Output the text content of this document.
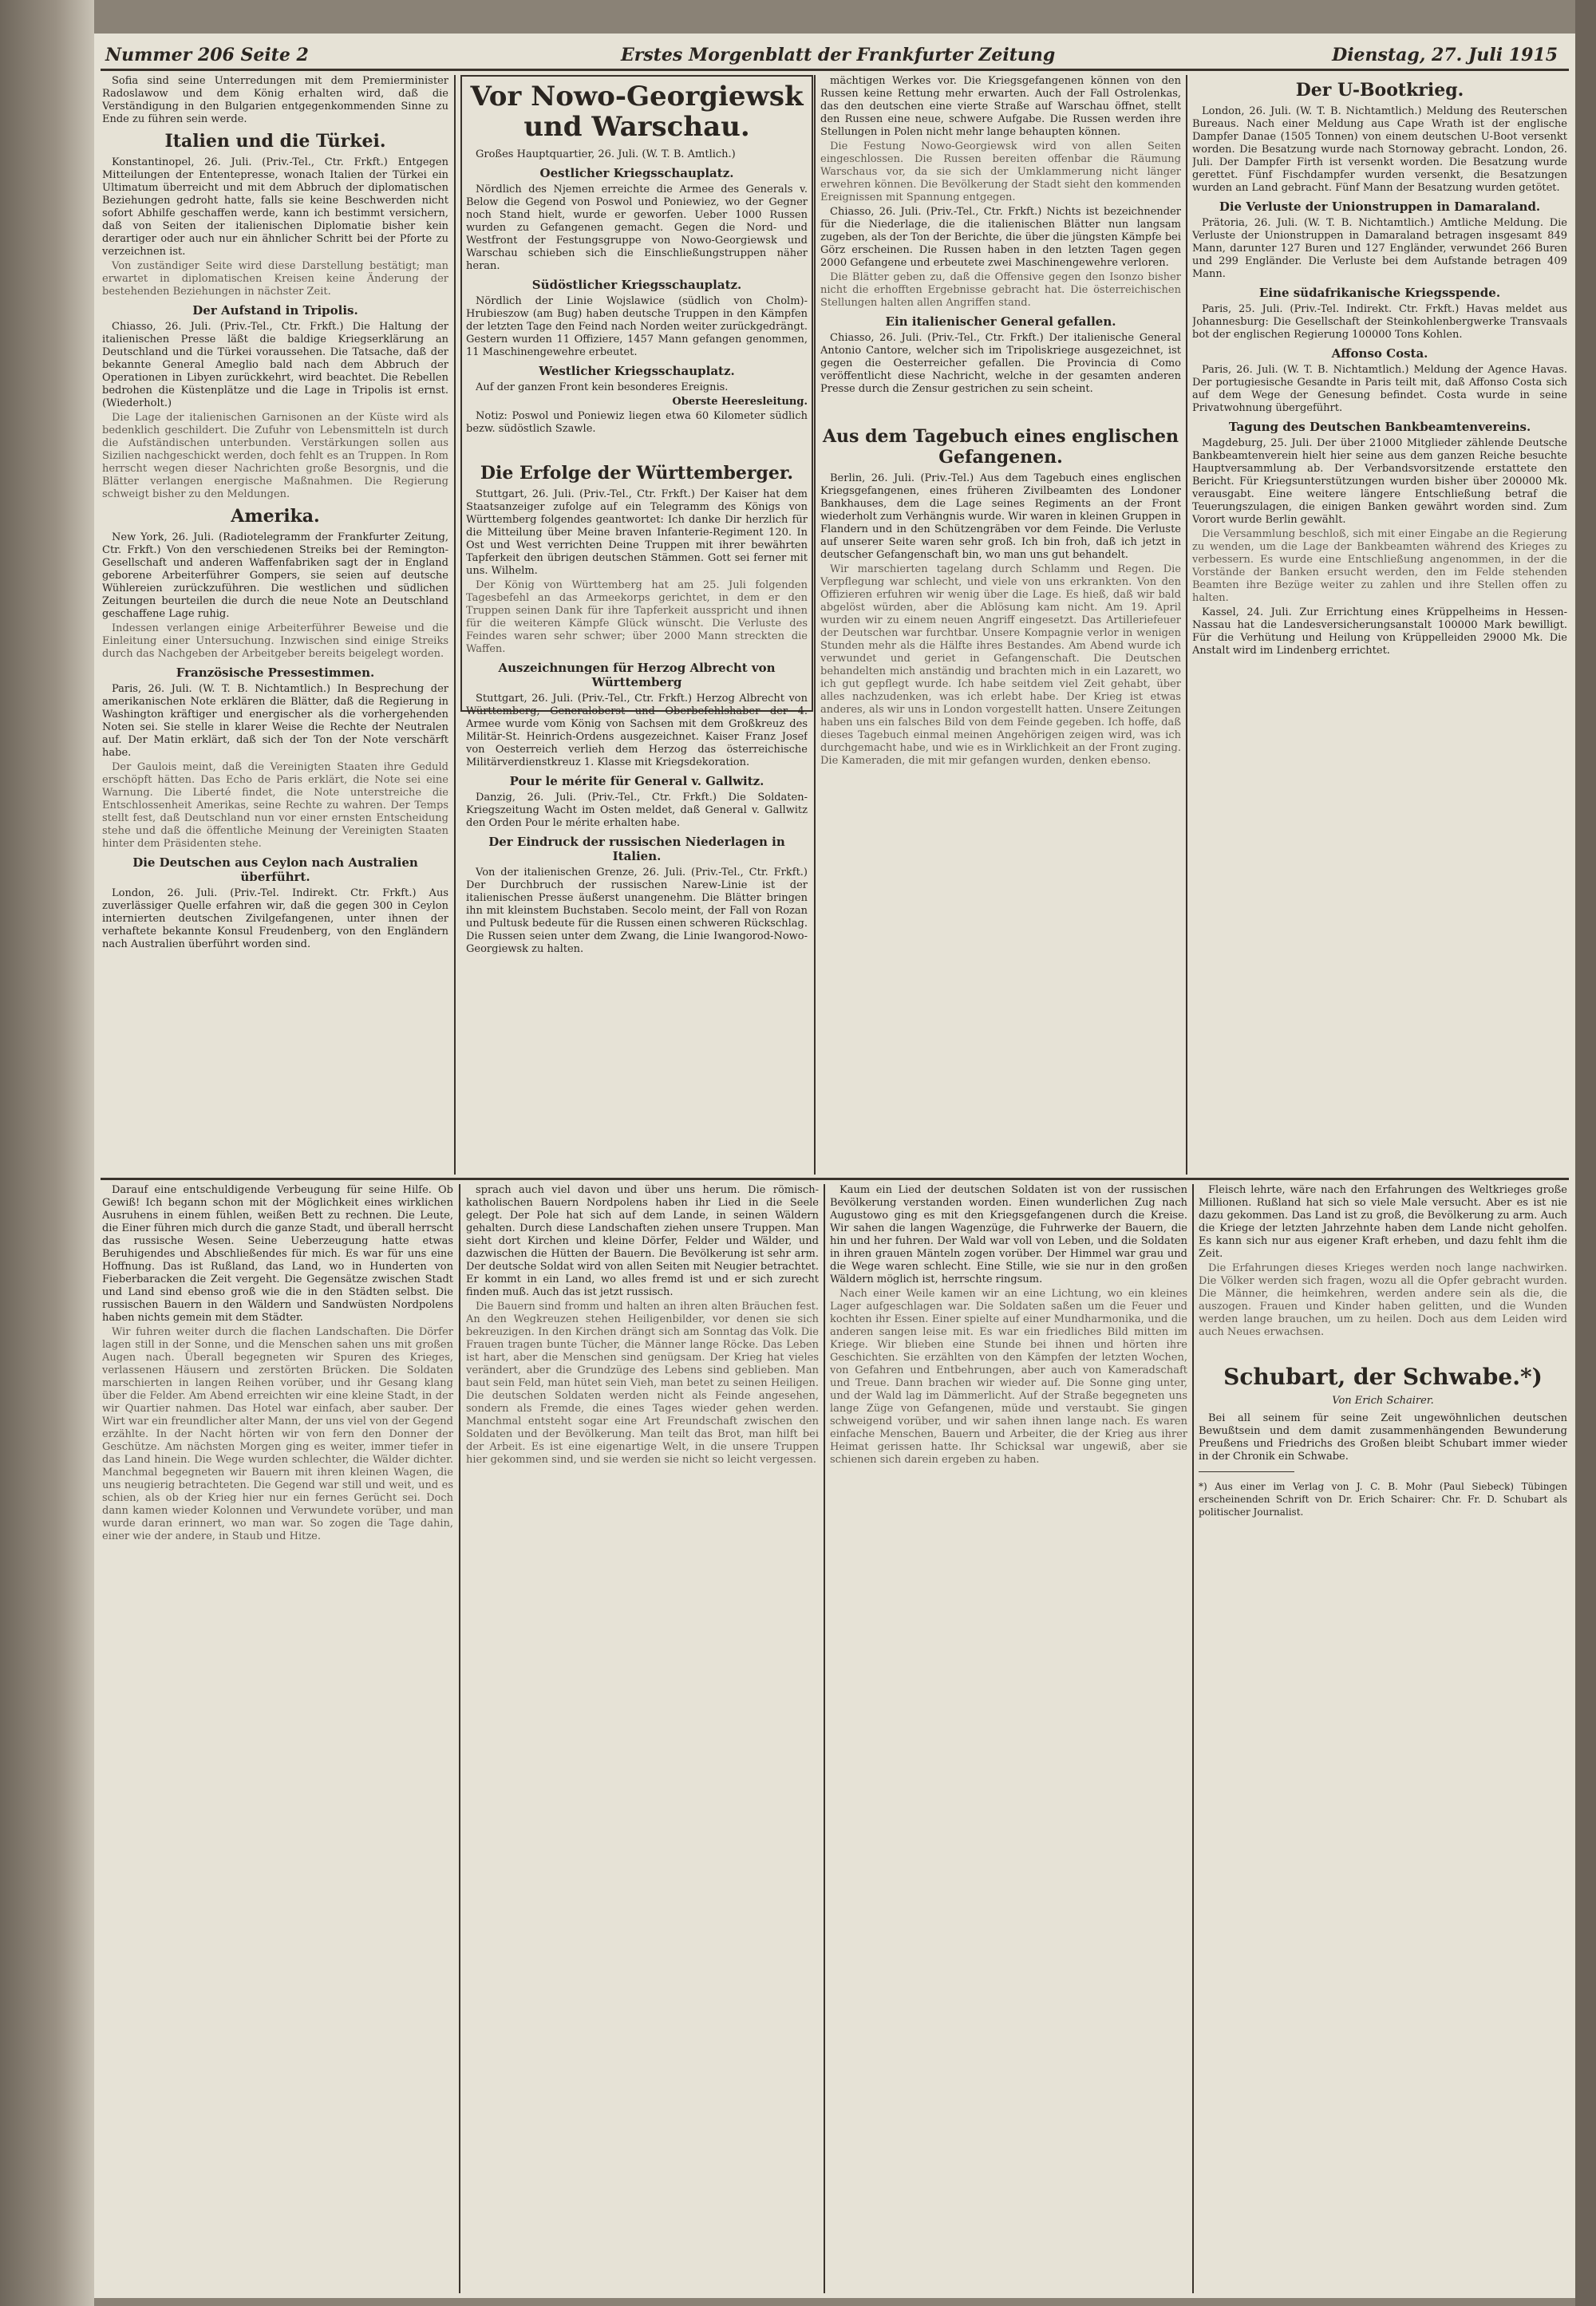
Nummer 206 Seite 2	Erstes Morgenblatt der Frankfurter Zeitung	Dienstag, 27. Juli 1915

Sofia sind seine Unterredungen mit dem Premierminister Radoslawow und dem König erhalten wird, daß die Verständigung in den Bulgarien entgegenkommenden Sinne zu Ende zu führen sein werde.

Italien und die Türkei.

Konstantinopel, 26. Juli. (Priv.-Tel., Ctr. Frkft.) Entgegen Mitteilungen der Ententepresse, wonach Italien der Türkei ein Ultimatum überreicht und mit dem Abbruch der diplomatischen Beziehungen gedroht hatte, falls sie keine Beschwerden nicht sofort Abhilfe geschaffen werde, kann ich bestimmt versichern, daß von Seiten der italienischen Diplomatie bisher kein derartiger oder auch nur ein ähnlicher Schritt bei der Pforte zu verzeichnen ist.

Von zuständiger Seite wird diese Darstellung bestätigt; man erwartet in diplomatischen Kreisen keine Änderung der bestehenden Beziehungen in nächster Zeit.

Der Aufstand in Tripolis.

Chiasso, 26. Juli. (Priv.-Tel., Ctr. Frkft.) Die Haltung der italienischen Presse läßt die baldige Kriegserklärung an Deutschland und die Türkei voraussehen. Die Tatsache, daß der bekannte General Ameglio bald nach dem Abbruch der Operationen in Libyen zurückkehrt, wird beachtet. Die Rebellen bedrohen die Küstenplätze und die Lage in Tripolis ist ernst. (Wiederholt.)

Die Lage der italienischen Garnisonen an der Küste wird als bedenklich geschildert. Die Zufuhr von Lebensmitteln ist durch die Aufständischen unterbunden. Verstärkungen sollen aus Sizilien nachgeschickt werden, doch fehlt es an Truppen. In Rom herrscht wegen dieser Nachrichten große Besorgnis, und die Blätter verlangen energische Maßnahmen. Die Regierung schweigt bisher zu den Meldungen.

Amerika.

New York, 26. Juli. (Radiotelegramm der Frankfurter Zeitung, Ctr. Frkft.) Von den verschiedenen Streiks bei der Remington-Gesellschaft und anderen Waffenfabriken sagt der in England geborene Arbeiterführer Gompers, sie seien auf deutsche Wühlereien zurückzuführen. Die westlichen und südlichen Zeitungen beurteilen die durch die neue Note an Deutschland geschaffene Lage ruhig.

Indessen verlangen einige Arbeiterführer Beweise und die Einleitung einer Untersuchung. Inzwischen sind einige Streiks durch das Nachgeben der Arbeitgeber bereits beigelegt worden.

Französische Pressestimmen.

Paris, 26. Juli. (W. T. B. Nichtamtlich.) In Besprechung der amerikanischen Note erklären die Blätter, daß die Regierung in Washington kräftiger und energischer als die vorhergehenden Noten sei. Sie stelle in klarer Weise die Rechte der Neutralen auf. Der Matin erklärt, daß sich der Ton der Note verschärft habe.

Der Gaulois meint, daß die Vereinigten Staaten ihre Geduld erschöpft hätten. Das Echo de Paris erklärt, die Note sei eine Warnung. Die Liberté findet, die Note unterstreiche die Entschlossenheit Amerikas, seine Rechte zu wahren. Der Temps stellt fest, daß Deutschland nun vor einer ernsten Entscheidung stehe und daß die öffentliche Meinung der Vereinigten Staaten hinter dem Präsidenten stehe.

Die Deutschen aus Ceylon nach Australien überführt.

London, 26. Juli. (Priv.-Tel. Indirekt. Ctr. Frkft.) Aus zuverlässiger Quelle erfahren wir, daß die gegen 300 in Ceylon internierten deutschen Zivilgefangenen, unter ihnen der verhaftete bekannte Konsul Freudenberg, von den Engländern nach Australien überführt worden sind.

Vor Nowo-Georgiewsk und Warschau.

Großes Hauptquartier, 26. Juli. (W. T. B. Amtlich.)

Oestlicher Kriegsschauplatz.

Nördlich des Njemen erreichte die Armee des Generals v. Below die Gegend von Poswol und Poniewiez, wo der Gegner noch Stand hielt, wurde er geworfen. Ueber 1000 Russen wurden zu Gefangenen gemacht. Gegen die Nord- und Westfront der Festungsgruppe von Nowo-Georgiewsk und Warschau schieben sich die Einschließungstruppen näher heran.

Südöstlicher Kriegsschauplatz.

Nördlich der Linie Wojslawice (südlich von Cholm)-Hrubieszow (am Bug) haben deutsche Truppen in den Kämpfen der letzten Tage den Feind nach Norden weiter zurückgedrängt. Gestern wurden 11 Offiziere, 1457 Mann gefangen genommen, 11 Maschinengewehre erbeutet.

Westlicher Kriegsschauplatz.

Auf der ganzen Front kein besonderes Ereignis.

Oberste Heeresleitung.

Notiz: Poswol und Poniewiz liegen etwa 60 Kilometer südlich bezw. südöstlich Szawle.

Die Erfolge der Württemberger.

Stuttgart, 26. Juli. (Priv.-Tel., Ctr. Frkft.) Der Kaiser hat dem Staatsanzeiger zufolge auf ein Telegramm des Königs von Württemberg folgendes geantwortet: Ich danke Dir herzlich für die Mitteilung über Meine braven Infanterie-Regiment 120. In Ost und West verrichten Deine Truppen mit ihrer bewährten Tapferkeit den übrigen deutschen Stämmen. Gott sei ferner mit uns. Wilhelm.

Der König von Württemberg hat am 25. Juli folgenden Tagesbefehl an das Armeekorps gerichtet, in dem er den Truppen seinen Dank für ihre Tapferkeit ausspricht und ihnen für die weiteren Kämpfe Glück wünscht. Die Verluste des Feindes waren sehr schwer; über 2000 Mann streckten die Waffen.

Auszeichnungen für Herzog Albrecht von Württemberg

Stuttgart, 26. Juli. (Priv.-Tel., Ctr. Frkft.) Herzog Albrecht von Württemberg, Generaloberst und Oberbefehlshaber der 4. Armee wurde vom König von Sachsen mit dem Großkreuz des Militär-St. Heinrich-Ordens ausgezeichnet. Kaiser Franz Josef von Oesterreich verlieh dem Herzog das österreichische Militärverdienstkreuz 1. Klasse mit Kriegsdekoration.

Pour le mérite für General v. Gallwitz.

Danzig, 26. Juli. (Priv.-Tel., Ctr. Frkft.) Die Soldaten-Kriegszeitung Wacht im Osten meldet, daß General v. Gallwitz den Orden Pour le mérite erhalten habe.

Der Eindruck der russischen Niederlagen in Italien.

Von der italienischen Grenze, 26. Juli. (Priv.-Tel., Ctr. Frkft.) Der Durchbruch der russischen Narew-Linie ist der italienischen Presse äußerst unangenehm. Die Blätter bringen ihn mit kleinstem Buchstaben. Secolo meint, der Fall von Rozan und Pultusk bedeute für die Russen einen schweren Rückschlag. Die Russen seien unter dem Zwang, die Linie Iwangorod-Nowo-Georgiewsk zu halten.

mächtigen Werkes vor. Die Kriegsgefangenen können von den Russen keine Rettung mehr erwarten. Auch der Fall Ostrolenkas, das den deutschen eine vierte Straße auf Warschau öffnet, stellt den Russen eine neue, schwere Aufgabe. Die Russen werden ihre Stellungen in Polen nicht mehr lange behaupten können.

Die Festung Nowo-Georgiewsk wird von allen Seiten eingeschlossen. Die Russen bereiten offenbar die Räumung Warschaus vor, da sie sich der Umklammerung nicht länger erwehren können. Die Bevölkerung der Stadt sieht den kommenden Ereignissen mit Spannung entgegen.

Chiasso, 26. Juli. (Priv.-Tel., Ctr. Frkft.) Nichts ist bezeichnender für die Niederlage, die die italienischen Blätter nun langsam zugeben, als der Ton der Berichte, die über die jüngsten Kämpfe bei Görz erscheinen. Die Russen haben in den letzten Tagen gegen 2000 Gefangene und erbeutete zwei Maschinengewehre verloren.

Die Blätter geben zu, daß die Offensive gegen den Isonzo bisher nicht die erhofften Ergebnisse gebracht hat. Die österreichischen Stellungen halten allen Angriffen stand.

Ein italienischer General gefallen.

Chiasso, 26. Juli. (Priv.-Tel., Ctr. Frkft.) Der italienische General Antonio Cantore, welcher sich im Tripoliskriege ausgezeichnet, ist gegen die Oesterreicher gefallen. Die Provincia di Como veröffentlicht diese Nachricht, welche in der gesamten anderen Presse durch die Zensur gestrichen zu sein scheint.

Aus dem Tagebuch eines englischen Gefangenen.

Berlin, 26. Juli. (Priv.-Tel.) Aus dem Tagebuch eines englischen Kriegsgefangenen, eines früheren Zivilbeamten des Londoner Bankhauses, dem die Lage seines Regiments an der Front wiederholt zum Verhängnis wurde. Wir waren in kleinen Gruppen in Flandern und in den Schützengräben vor dem Feinde. Die Verluste auf unserer Seite waren sehr groß. Ich bin froh, daß ich jetzt in deutscher Gefangenschaft bin, wo man uns gut behandelt.

Wir marschierten tagelang durch Schlamm und Regen. Die Verpflegung war schlecht, und viele von uns erkrankten. Von den Offizieren erfuhren wir wenig über die Lage. Es hieß, daß wir bald abgelöst würden, aber die Ablösung kam nicht. Am 19. April wurden wir zu einem neuen Angriff eingesetzt. Das Artilleriefeuer der Deutschen war furchtbar. Unsere Kompagnie verlor in wenigen Stunden mehr als die Hälfte ihres Bestandes. Am Abend wurde ich verwundet und geriet in Gefangenschaft. Die Deutschen behandelten mich anständig und brachten mich in ein Lazarett, wo ich gut gepflegt wurde. Ich habe seitdem viel Zeit gehabt, über alles nachzudenken, was ich erlebt habe. Der Krieg ist etwas anderes, als wir uns in London vorgestellt hatten. Unsere Zeitungen haben uns ein falsches Bild von dem Feinde gegeben. Ich hoffe, daß dieses Tagebuch einmal meinen Angehörigen zeigen wird, was ich durchgemacht habe, und wie es in Wirklichkeit an der Front zuging. Die Kameraden, die mit mir gefangen wurden, denken ebenso.

Der U-Bootkrieg.

London, 26. Juli. (W. T. B. Nichtamtlich.) Meldung des Reuterschen Bureaus. Nach einer Meldung aus Cape Wrath ist der englische Dampfer Danae (1505 Tonnen) von einem deutschen U-Boot versenkt worden. Die Besatzung wurde nach Stornoway gebracht. London, 26. Juli. Der Dampfer Firth ist versenkt worden. Die Besatzung wurde gerettet. Fünf Fischdampfer wurden versenkt, die Besatzungen wurden an Land gebracht. Fünf Mann der Besatzung wurden getötet.

Die Verluste der Unionstruppen in Damaraland.

Prätoria, 26. Juli. (W. T. B. Nichtamtlich.) Amtliche Meldung. Die Verluste der Unionstruppen in Damaraland betragen insgesamt 849 Mann, darunter 127 Buren und 127 Engländer, verwundet 266 Buren und 299 Engländer. Die Verluste bei dem Aufstande betragen 409 Mann.

Eine südafrikanische Kriegsspende.

Paris, 25. Juli. (Priv.-Tel. Indirekt. Ctr. Frkft.) Havas meldet aus Johannesburg: Die Gesellschaft der Steinkohlenbergwerke Transvaals bot der englischen Regierung 100000 Tons Kohlen.

Affonso Costa.

Paris, 26. Juli. (W. T. B. Nichtamtlich.) Meldung der Agence Havas. Der portugiesische Gesandte in Paris teilt mit, daß Affonso Costa sich auf dem Wege der Genesung befindet. Costa wurde in seine Privatwohnung übergeführt.

Tagung des Deutschen Bankbeamtenvereins.

Magdeburg, 25. Juli. Der über 21000 Mitglieder zählende Deutsche Bankbeamtenverein hielt hier seine aus dem ganzen Reiche besuchte Hauptversammlung ab. Der Verbandsvorsitzende erstattete den Bericht. Für Kriegsunterstützungen wurden bisher über 200000 Mk. verausgabt. Eine weitere längere Entschließung betraf die Teuerungszulagen, die einigen Banken gewährt worden sind. Zum Vorort wurde Berlin gewählt.

Die Versammlung beschloß, sich mit einer Eingabe an die Regierung zu wenden, um die Lage der Bankbeamten während des Krieges zu verbessern. Es wurde eine Entschließung angenommen, in der die Vorstände der Banken ersucht werden, den im Felde stehenden Beamten ihre Bezüge weiter zu zahlen und ihre Stellen offen zu halten.

Kassel, 24. Juli. Zur Errichtung eines Krüppelheims in Hessen-Nassau hat die Landesversicherungsanstalt 100000 Mark bewilligt. Für die Verhütung und Heilung von Krüppelleiden 29000 Mk. Die Anstalt wird im Lindenberg errichtet.

Darauf eine entschuldigende Verbeugung für seine Hilfe. Ob Gewiß! Ich begann schon mit der Möglichkeit eines wirklichen Ausruhens in einem fühlen, weißen Bett zu rechnen. Die Leute, die Einer führen mich durch die ganze Stadt, und überall herrscht das russische Wesen. Seine Ueberzeugung hatte etwas Beruhigendes und Abschließendes für mich. Es war für uns eine Hoffnung. Das ist Rußland, das Land, wo in Hunderten von Fieberbaracken die Zeit vergeht. Die Gegensätze zwischen Stadt und Land sind ebenso groß wie die in den Städten selbst. Die russischen Bauern in den Wäldern und Sandwüsten Nordpolens haben nichts gemein mit dem Städter.

Wir fuhren weiter durch die flachen Landschaften. Die Dörfer lagen still in der Sonne, und die Menschen sahen uns mit großen Augen nach. Überall begegneten wir Spuren des Krieges, verlassenen Häusern und zerstörten Brücken. Die Soldaten marschierten in langen Reihen vorüber, und ihr Gesang klang über die Felder. Am Abend erreichten wir eine kleine Stadt, in der wir Quartier nahmen. Das Hotel war einfach, aber sauber. Der Wirt war ein freundlicher alter Mann, der uns viel von der Gegend erzählte. In der Nacht hörten wir von fern den Donner der Geschütze. Am nächsten Morgen ging es weiter, immer tiefer in das Land hinein. Die Wege wurden schlechter, die Wälder dichter. Manchmal begegneten wir Bauern mit ihren kleinen Wagen, die uns neugierig betrachteten. Die Gegend war still und weit, und es schien, als ob der Krieg hier nur ein fernes Gerücht sei. Doch dann kamen wieder Kolonnen und Verwundete vorüber, und man wurde daran erinnert, wo man war. So zogen die Tage dahin, einer wie der andere, in Staub und Hitze.

sprach auch viel davon und über uns herum. Die römisch-katholischen Bauern Nordpolens haben ihr Lied in die Seele gelegt. Der Pole hat sich auf dem Lande, in seinen Wäldern gehalten. Durch diese Landschaften ziehen unsere Truppen. Man sieht dort Kirchen und kleine Dörfer, Felder und Wälder, und dazwischen die Hütten der Bauern. Die Bevölkerung ist sehr arm. Der deutsche Soldat wird von allen Seiten mit Neugier betrachtet. Er kommt in ein Land, wo alles fremd ist und er sich zurecht finden muß. Auch das ist jetzt russisch.

Die Bauern sind fromm und halten an ihren alten Bräuchen fest. An den Wegkreuzen stehen Heiligenbilder, vor denen sie sich bekreuzigen. In den Kirchen drängt sich am Sonntag das Volk. Die Frauen tragen bunte Tücher, die Männer lange Röcke. Das Leben ist hart, aber die Menschen sind genügsam. Der Krieg hat vieles verändert, aber die Grundzüge des Lebens sind geblieben. Man baut sein Feld, man hütet sein Vieh, man betet zu seinen Heiligen. Die deutschen Soldaten werden nicht als Feinde angesehen, sondern als Fremde, die eines Tages wieder gehen werden. Manchmal entsteht sogar eine Art Freundschaft zwischen den Soldaten und der Bevölkerung. Man teilt das Brot, man hilft bei der Arbeit. Es ist eine eigenartige Welt, in die unsere Truppen hier gekommen sind, und sie werden sie nicht so leicht vergessen.

Kaum ein Lied der deutschen Soldaten ist von der russischen Bevölkerung verstanden worden. Einen wunderlichen Zug nach Augustowo ging es mit den Kriegsgefangenen durch die Kreise. Wir sahen die langen Wagenzüge, die Fuhrwerke der Bauern, die hin und her fuhren. Der Wald war voll von Leben, und die Soldaten in ihren grauen Mänteln zogen vorüber. Der Himmel war grau und die Wege waren schlecht. Eine Stille, wie sie nur in den großen Wäldern möglich ist, herrschte ringsum.

Nach einer Weile kamen wir an eine Lichtung, wo ein kleines Lager aufgeschlagen war. Die Soldaten saßen um die Feuer und kochten ihr Essen. Einer spielte auf einer Mundharmonika, und die anderen sangen leise mit. Es war ein friedliches Bild mitten im Kriege. Wir blieben eine Stunde bei ihnen und hörten ihre Geschichten. Sie erzählten von den Kämpfen der letzten Wochen, von Gefahren und Entbehrungen, aber auch von Kameradschaft und Treue. Dann brachen wir wieder auf. Die Sonne ging unter, und der Wald lag im Dämmerlicht. Auf der Straße begegneten uns lange Züge von Gefangenen, müde und verstaubt. Sie gingen schweigend vorüber, und wir sahen ihnen lange nach. Es waren einfache Menschen, Bauern und Arbeiter, die der Krieg aus ihrer Heimat gerissen hatte. Ihr Schicksal war ungewiß, aber sie schienen sich darein ergeben zu haben.

Fleisch lehrte, wäre nach den Erfahrungen des Weltkrieges große Millionen. Rußland hat sich so viele Male versucht. Aber es ist nie dazu gekommen. Das Land ist zu groß, die Bevölkerung zu arm. Auch die Kriege der letzten Jahrzehnte haben dem Lande nicht geholfen. Es kann sich nur aus eigener Kraft erheben, und dazu fehlt ihm die Zeit.

Die Erfahrungen dieses Krieges werden noch lange nachwirken. Die Völker werden sich fragen, wozu all die Opfer gebracht wurden. Die Männer, die heimkehren, werden andere sein als die, die auszogen. Frauen und Kinder haben gelitten, und die Wunden werden lange brauchen, um zu heilen. Doch aus dem Leiden wird auch Neues erwachsen.

Schubart, der Schwabe.*)
Von Erich Schairer.

Bei all seinem für seine Zeit ungewöhnlichen deutschen Bewußtsein und dem damit zusammenhängenden Bewunderung Preußens und Friedrichs des Großen bleibt Schubart immer wieder in der Chronik ein Schwabe.

*) Aus einer im Verlag von J. C. B. Mohr (Paul Siebeck) Tübingen erscheinenden Schrift von Dr. Erich Schairer: Chr. Fr. D. Schubart als politischer Journalist.
